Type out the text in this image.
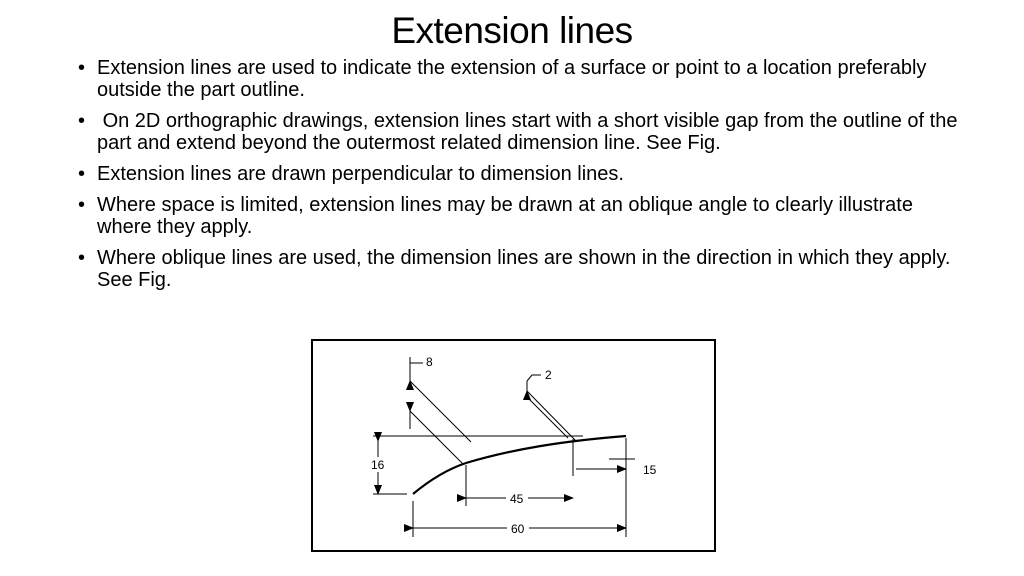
Extension lines
• Extension lines are used to indicate the extension of a surface or point to a location preferably outside the part outline.
• On 2D orthographic drawings, extension lines start with a short visible gap from the outline of the part and extend beyond the outermost related dimension line. See Fig.
• Extension lines are drawn perpendicular to dimension lines.
• Where space is limited, extension lines may be drawn at an oblique angle to clearly illustrate where they apply.
• Where oblique lines are used, the dimension lines are shown in the direction in which they apply. See Fig.
8
2
16	15
45
60
